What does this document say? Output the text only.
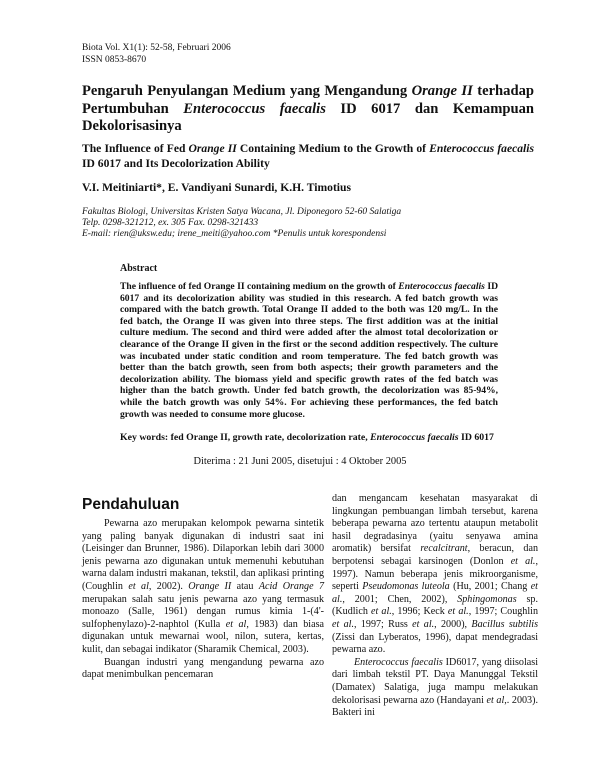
Biota Vol. X1(1): 52-58, Februari 2006
ISSN 0853-8670
Pengaruh Penyulangan Medium yang Mengandung Orange II terhadap Pertumbuhan Enterococcus faecalis ID 6017 dan Kemampuan Dekolorisasinya
The Influence of Fed Orange II Containing Medium to the Growth of Enterococcus faecalis ID 6017 and Its Decolorization Ability
V.I. Meitiniarti*, E. Vandiyani Sunardi, K.H. Timotius
Fakultas Biologi, Universitas Kristen Satya Wacana, Jl. Diponegoro 52-60 Salatiga
Telp. 0298-321212, ex. 305 Fax. 0298-321433
E-mail: rien@uksw.edu; irene_meiti@yahoo.com *Penulis untuk korespondensi
Abstract
The influence of fed Orange II containing medium on the growth of Enterococcus faecalis ID 6017 and its decolorization ability was studied in this research. A fed batch growth was compared with the batch growth. Total Orange II added to the both was 120 mg/L. In the fed batch, the Orange II was given into three steps. The first addition was at the initial culture medium. The second and third were added after the almost total decolorization or clearance of the Orange II given in the first or the second addition respectively. The culture was incubated under static condition and room temperature. The fed batch growth was better than the batch growth, seen from both aspects; their growth parameters and the decolorization ability. The biomass yield and specific growth rates of the fed batch was higher than the batch growth. Under fed batch growth, the decolorization was 85-94%, while the batch growth was only 54%. For achieving these performances, the fed batch growth was needed to consume more glucose.
Key words: fed Orange II, growth rate, decolorization rate, Enterococcus faecalis ID 6017
Diterima : 21 Juni 2005, disetujui : 4 Oktober 2005
Pendahuluan

Pewarna azo merupakan kelompok pewarna sintetik yang paling banyak digunakan di industri saat ini (Leisinger dan Brunner, 1986). Dilaporkan lebih dari 3000 jenis pewarna azo digunakan untuk memenuhi kebutuhan warna dalam industri makanan, tekstil, dan aplikasi printing (Coughlin et al, 2002). Orange II atau Acid Orange 7 merupakan salah satu jenis pewarna azo yang termasuk monoazo (Salle, 1961) dengan rumus kimia 1-(4'-sulfophenylazo)-2-naphtol (Kulla et al, 1983) dan biasa digunakan untuk mewarnai wool, nilon, sutera, kertas, kulit, dan sebagai indikator (Sharamik Chemical, 2003).

Buangan industri yang mengandung pewarna azo dapat menimbulkan pencemaran

dan mengancam kesehatan masyarakat di lingkungan pembuangan limbah tersebut, karena beberapa pewarna azo tertentu ataupun metabolit hasil degradasinya (yaitu senyawa amina aromatik) bersifat recalcitrant, beracun, dan berpotensi sebagai karsinogen (Donlon et al., 1997). Namun beberapa jenis mikroorganisme, seperti Pseudomonas luteola (Hu, 2001; Chang et al., 2001; Chen, 2002), Sphingomonas sp. (Kudlich et al., 1996; Keck et al., 1997; Coughlin et al., 1997; Russ et al., 2000), Bacillus subtilis (Zissi dan Lyberatos, 1996), dapat mendegradasi pewarna azo.

Enterococcus faecalis ID6017, yang diisolasi dari limbah tekstil PT. Daya Manunggal Tekstil (Damatex) Salatiga, juga mampu melakukan dekolorisasi pewarna azo (Handayani et al,. 2003). Bakteri ini
